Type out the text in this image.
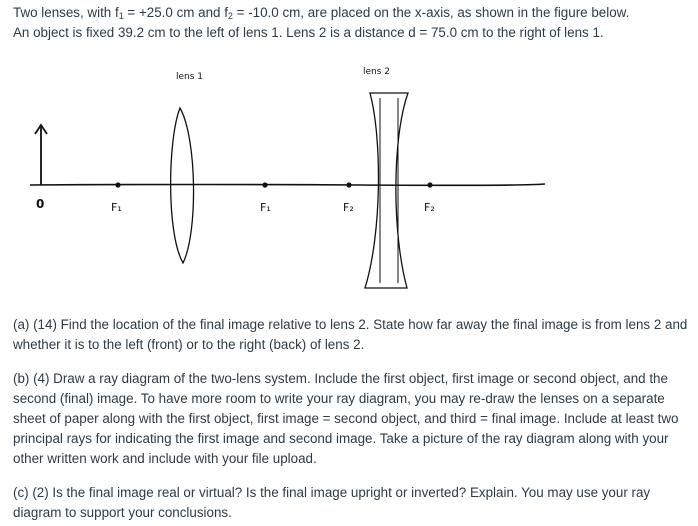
Two lenses, with $f_1 = +25.0$ cm and $f_2 = -10.0$ cm, are placed on the x-axis, as shown in the figure below.
An object is fixed 39.2 cm to the left of lens 1. Lens 2 is a distance d = 75.0 cm to the right of lens 1.

lens 1	lens 2
0	F₁	F₁	F₂	F₂

(a) (14) Find the location of the final image relative to lens 2. State how far away the final image is from lens 2 and whether it is to the left (front) or to the right (back) of lens 2.

(b) (4) Draw a ray diagram of the two-lens system. Include the first object, first image or second object, and the second (final) image. To have more room to write your ray diagram, you may re-draw the lenses on a separate sheet of paper along with the first object, first image = second object, and third = final image. Include at least two principal rays for indicating the first image and second image. Take a picture of the ray diagram along with your other written work and include with your file upload.

(c) (2) Is the final image real or virtual? Is the final image upright or inverted? Explain. You may use your ray diagram to support your conclusions.
